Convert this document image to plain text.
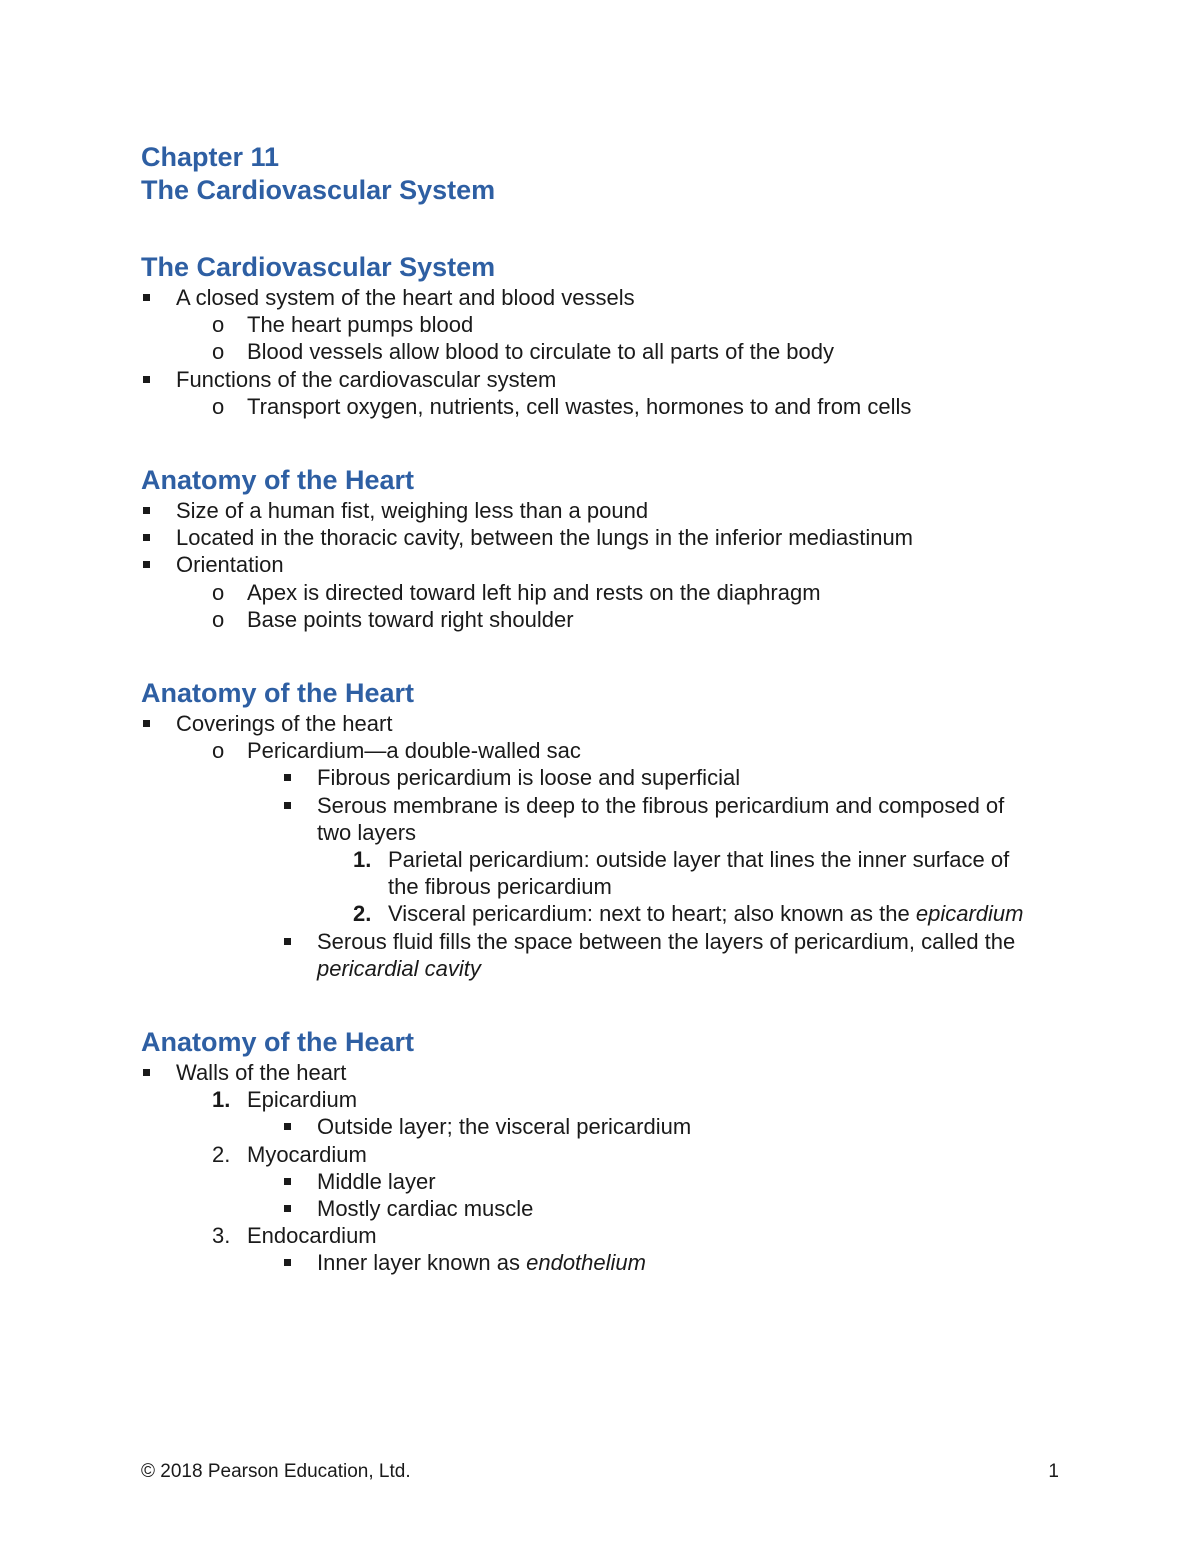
Chapter 11
The Cardiovascular System
The Cardiovascular System
A closed system of the heart and blood vessels
o The heart pumps blood
o Blood vessels allow blood to circulate to all parts of the body
Functions of the cardiovascular system
o Transport oxygen, nutrients, cell wastes, hormones to and from cells
Anatomy of the Heart
Size of a human fist, weighing less than a pound
Located in the thoracic cavity, between the lungs in the inferior mediastinum
Orientation
o Apex is directed toward left hip and rests on the diaphragm
o Base points toward right shoulder
Anatomy of the Heart
Coverings of the heart
o Pericardium—a double-walled sac
Fibrous pericardium is loose and superficial
Serous membrane is deep to the fibrous pericardium and composed of
two layers
1. Parietal pericardium: outside layer that lines the inner surface of
the fibrous pericardium
2. Visceral pericardium: next to heart; also known as the epicardium
Serous fluid fills the space between the layers of pericardium, called the
pericardial cavity
Anatomy of the Heart
Walls of the heart
1. Epicardium
Outside layer; the visceral pericardium
2. Myocardium
Middle layer
Mostly cardiac muscle
3. Endocardium
Inner layer known as endothelium
© 2018 Pearson Education, Ltd.	1
